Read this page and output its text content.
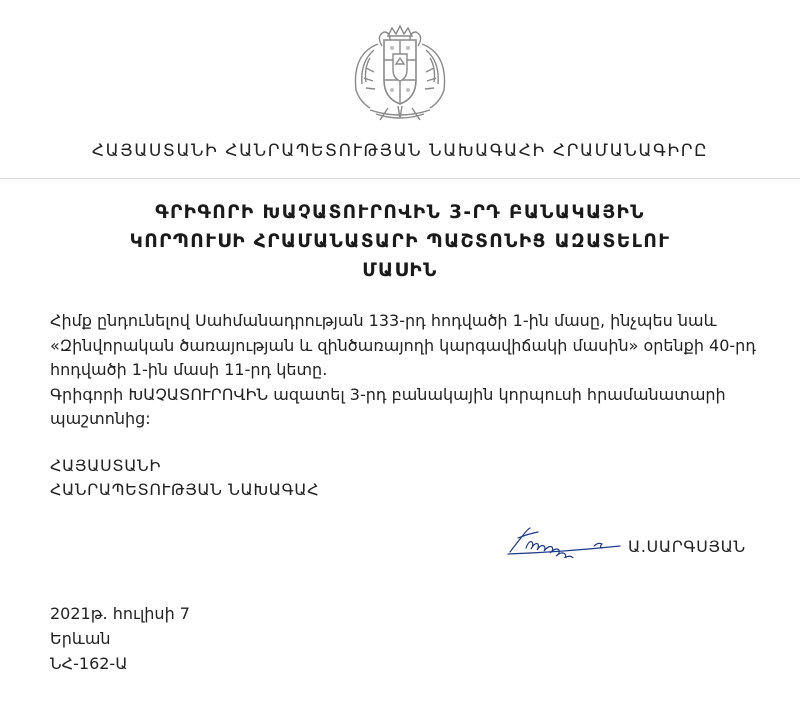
ՀԱՅԱՍՏԱՆԻ ՀԱՆՐԱՊԵՏՈՒԹՅԱՆ ՆԱԽԱԳԱՀԻ ՀՐԱՄԱՆԱԳԻՐԸ
ԳՐԻԳՈՐԻ ԽԱՉԱՏՈՒՐՈՎԻՆ 3-ՐԴ ԲԱՆԱԿԱՅԻՆ
ԿՈՐՊՈՒՍԻ ՀՐԱՄԱՆԱՏԱՐԻ ՊԱՇՏՈՆԻՑ ԱԶԱՏԵԼՈՒ
ՄԱՍԻՆ
Հիմք ընդունելով Սահմանադրության 133-րդ հոդվածի 1-ին մասը, ինչպես նաև
«Զինվորական ծառայության և զինծառայողի կարգավիճակի մասին» օրենքի 40-րդ
հոդվածի 1-ին մասի 11-րդ կետը.
Գրիգորի ԽԱՉԱՏՈՒՐՈՎԻՆ ազատել 3-րդ բանակային կորպուսի հրամանատարի
պաշտոնից:
ՀԱՅԱՍՏԱՆԻ
ՀԱՆՐԱՊԵՏՈՒԹՅԱՆ ՆԱԽԱԳԱՀ
Ա.ՍԱՐԳՍՅԱՆ
2021թ. հուլիսի 7
Երևան
ՆՀ-162-Ա
